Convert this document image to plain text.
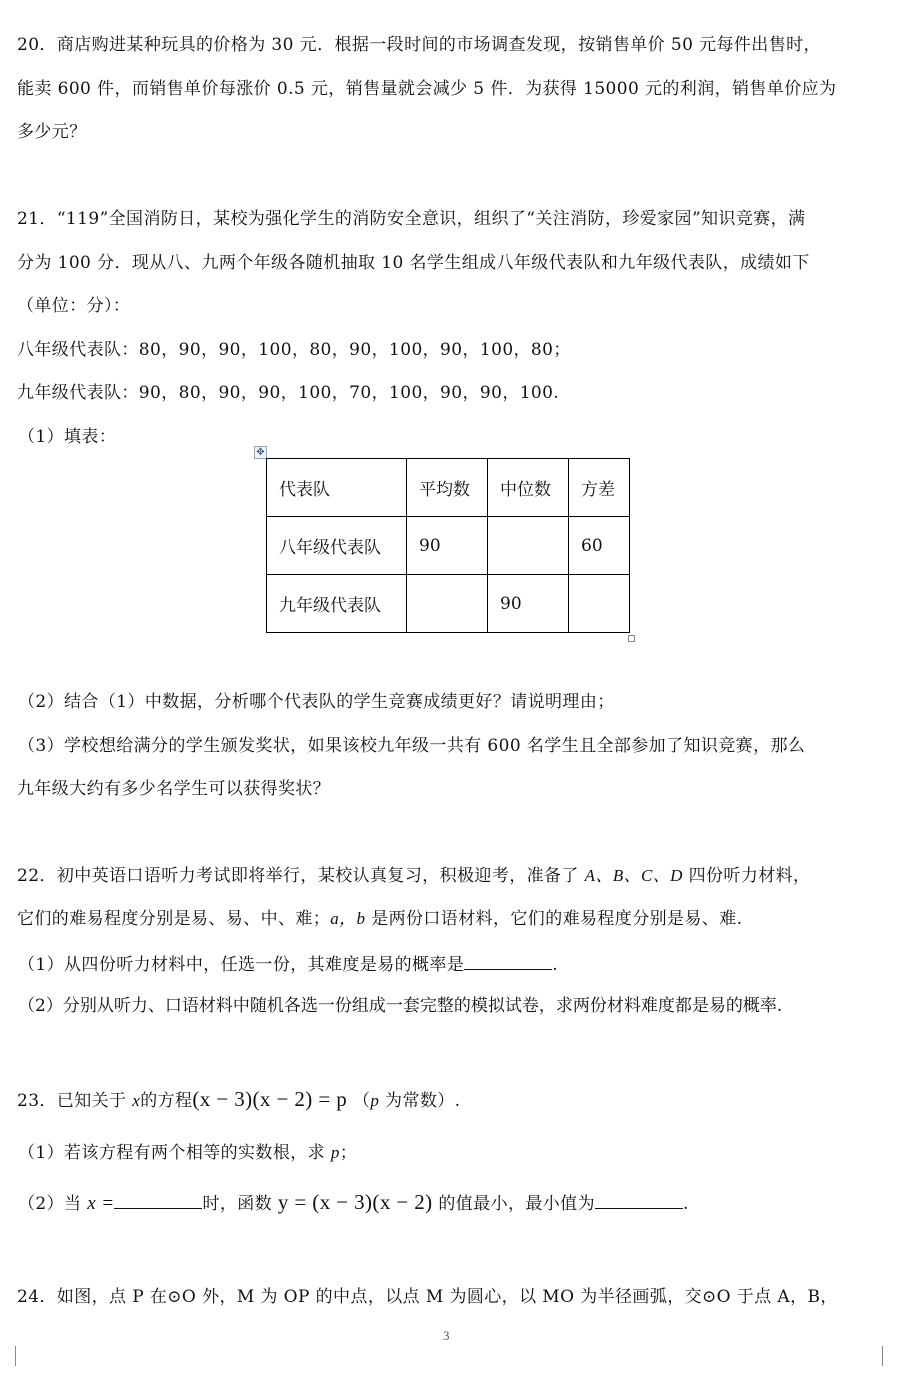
20．商店购进某种玩具的价格为 30 元．根据一段时间的市场调查发现，按销售单价 50 元每件出售时，
能卖 600 件，而销售单价每涨价 0.5 元，销售量就会减少 5 件．为获得 15000 元的利润，销售单价应为
多少元？
21．“119”全国消防日，某校为强化学生的消防安全意识，组织了“关注消防，珍爱家园”知识竞赛，满
分为 100 分．现从八、九两个年级各随机抽取 10 名学生组成八年级代表队和九年级代表队，成绩如下
（单位：分）：
八年级代表队：80，90，90，100，80，90，100，90，100，80；
九年级代表队：90，80，90，90，100，70，100，90，90，100.
（1）填表：
✥
代表队	平均数	中位数	方差
八年级代表队	90		60
九年级代表队		90	
（2）结合（1）中数据，分析哪个代表队的学生竞赛成绩更好？请说明理由；
（3）学校想给满分的学生颁发奖状，如果该校九年级一共有 600 名学生且全部参加了知识竞赛，那么
九年级大约有多少名学生可以获得奖状？
22．初中英语口语听力考试即将举行，某校认真复习，积极迎考，准备了 A、B、C、D 四份听力材料，
它们的难易程度分别是易、易、中、难；a，b 是两份口语材料，它们的难易程度分别是易、难.
（1）从四份听力材料中，任选一份，其难度是易的概率是	.
（2）分别从听力、口语材料中随机各选一份组成一套完整的模拟试卷，求两份材料难度都是易的概率.
23．已知关于 x的方程(x − 3)(x − 2) = p （p 为常数）.
（1）若该方程有两个相等的实数根，求 p；
（2）当 x =	时，函数 y = (x − 3)(x − 2) 的值最小，最小值为	.
24．如图，点 P 在⊙O 外，M 为 OP 的中点，以点 M 为圆心，以 MO 为半径画弧，交⊙O 于点 A，B，
3
